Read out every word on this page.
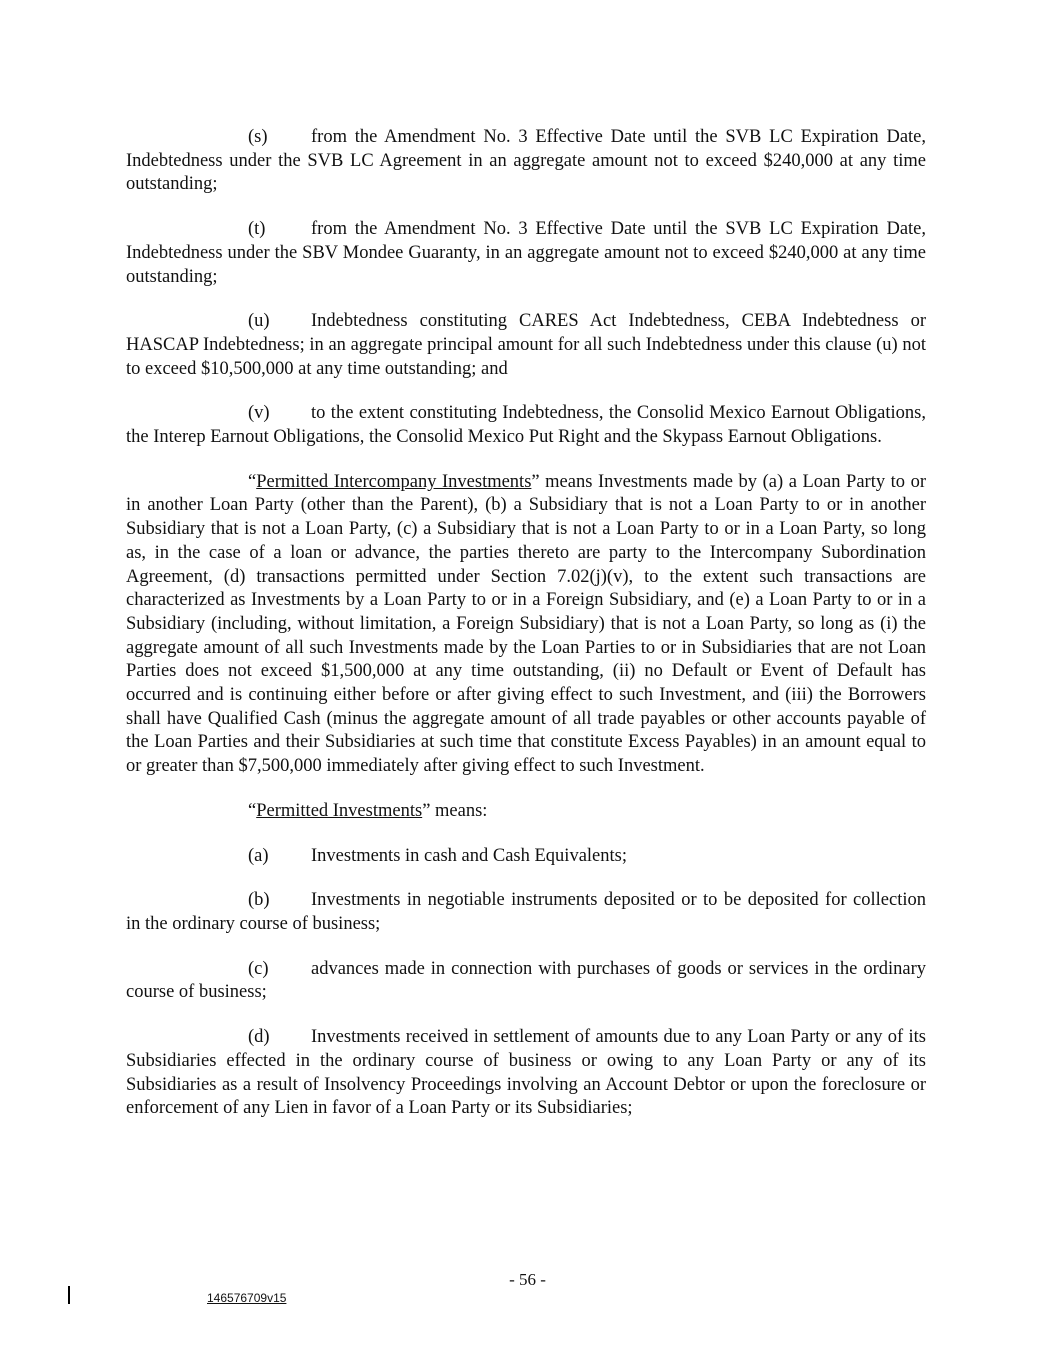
(s) from the Amendment No. 3 Effective Date until the SVB LC Expiration Date, Indebtedness under the SVB LC Agreement in an aggregate amount not to exceed $240,000 at any time outstanding;

(t) from the Amendment No. 3 Effective Date until the SVB LC Expiration Date, Indebtedness under the SBV Mondee Guaranty, in an aggregate amount not to exceed $240,000 at any time outstanding;

(u) Indebtedness constituting CARES Act Indebtedness, CEBA Indebtedness or HASCAP Indebtedness; in an aggregate principal amount for all such Indebtedness under this clause (u) not to exceed $10,500,000 at any time outstanding; and

(v) to the extent constituting Indebtedness, the Consolid Mexico Earnout Obligations, the Interep Earnout Obligations, the Consolid Mexico Put Right and the Skypass Earnout Obligations.

“Permitted Intercompany Investments” means Investments made by (a) a Loan Party to or in another Loan Party (other than the Parent), (b) a Subsidiary that is not a Loan Party to or in another Subsidiary that is not a Loan Party, (c) a Subsidiary that is not a Loan Party to or in a Loan Party, so long as, in the case of a loan or advance, the parties thereto are party to the Intercompany Subordination Agreement, (d) transactions permitted under Section 7.02(j)(v), to the extent such transactions are characterized as Investments by a Loan Party to or in a Foreign Subsidiary, and (e) a Loan Party to or in a Subsidiary (including, without limitation, a Foreign Subsidiary) that is not a Loan Party, so long as (i) the aggregate amount of all such Investments made by the Loan Parties to or in Subsidiaries that are not Loan Parties does not exceed $1,500,000 at any time outstanding, (ii) no Default or Event of Default has occurred and is continuing either before or after giving effect to such Investment, and (iii) the Borrowers shall have Qualified Cash (minus the aggregate amount of all trade payables or other accounts payable of the Loan Parties and their Subsidiaries at such time that constitute Excess Payables) in an amount equal to or greater than $7,500,000 immediately after giving effect to such Investment.

“Permitted Investments” means:

(a) Investments in cash and Cash Equivalents;

(b) Investments in negotiable instruments deposited or to be deposited for collection in the ordinary course of business;

(c) advances made in connection with purchases of goods or services in the ordinary course of business;

(d) Investments received in settlement of amounts due to any Loan Party or any of its Subsidiaries effected in the ordinary course of business or owing to any Loan Party or any of its Subsidiaries as a result of Insolvency Proceedings involving an Account Debtor or upon the foreclosure or enforcement of any Lien in favor of a Loan Party or its Subsidiaries;

- 56 -
146576709v15
